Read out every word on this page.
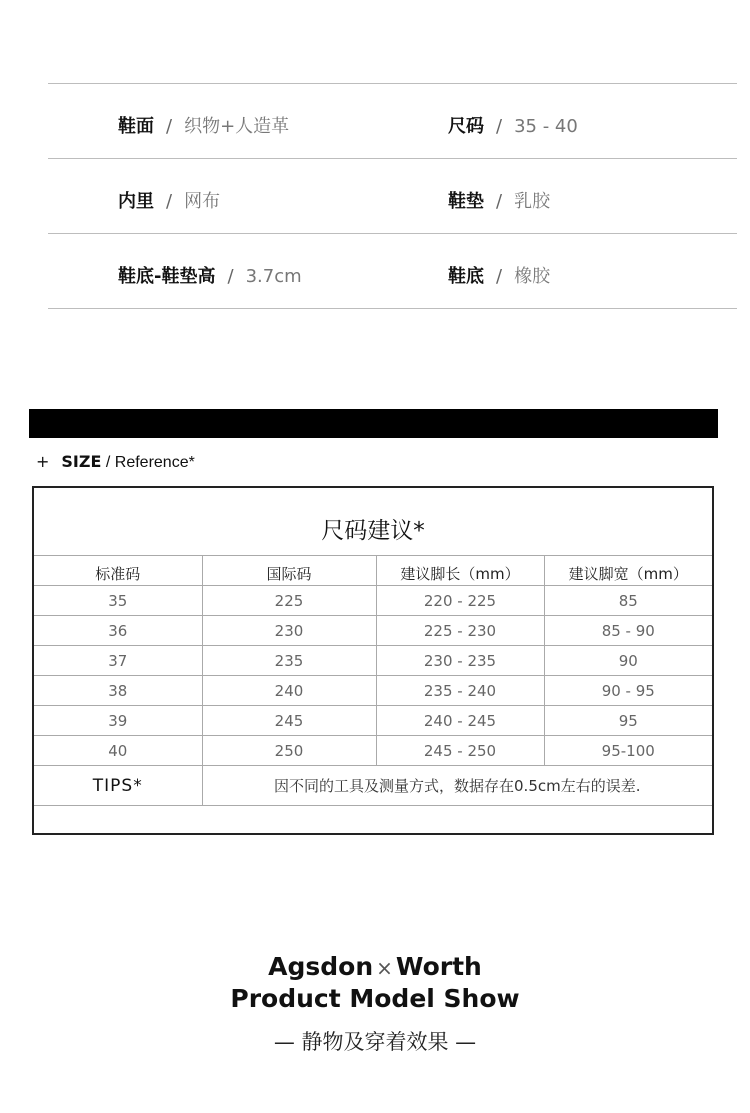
鞋面 / 织物+人造革	尺码 / 35 - 40
内里 / 网布	鞋垫 / 乳胶
鞋底-鞋垫高 / 3.7cm	鞋底 / 橡胶
+ SIZE / Reference*
尺码建议*
标准码	国际码	建议脚长（mm）	建议脚宽（mm）
35	225	220 - 225	85
36	230	225 - 230	85 - 90
37	235	230 - 235	90
38	240	235 - 240	90 - 95
39	245	240 - 245	95
40	250	245 - 250	95-100
TIPS*	因不同的工具及测量方式，数据存在0.5cm左右的误差.		

Agsdon × Worth
Product Model Show
— 静物及穿着效果 —
